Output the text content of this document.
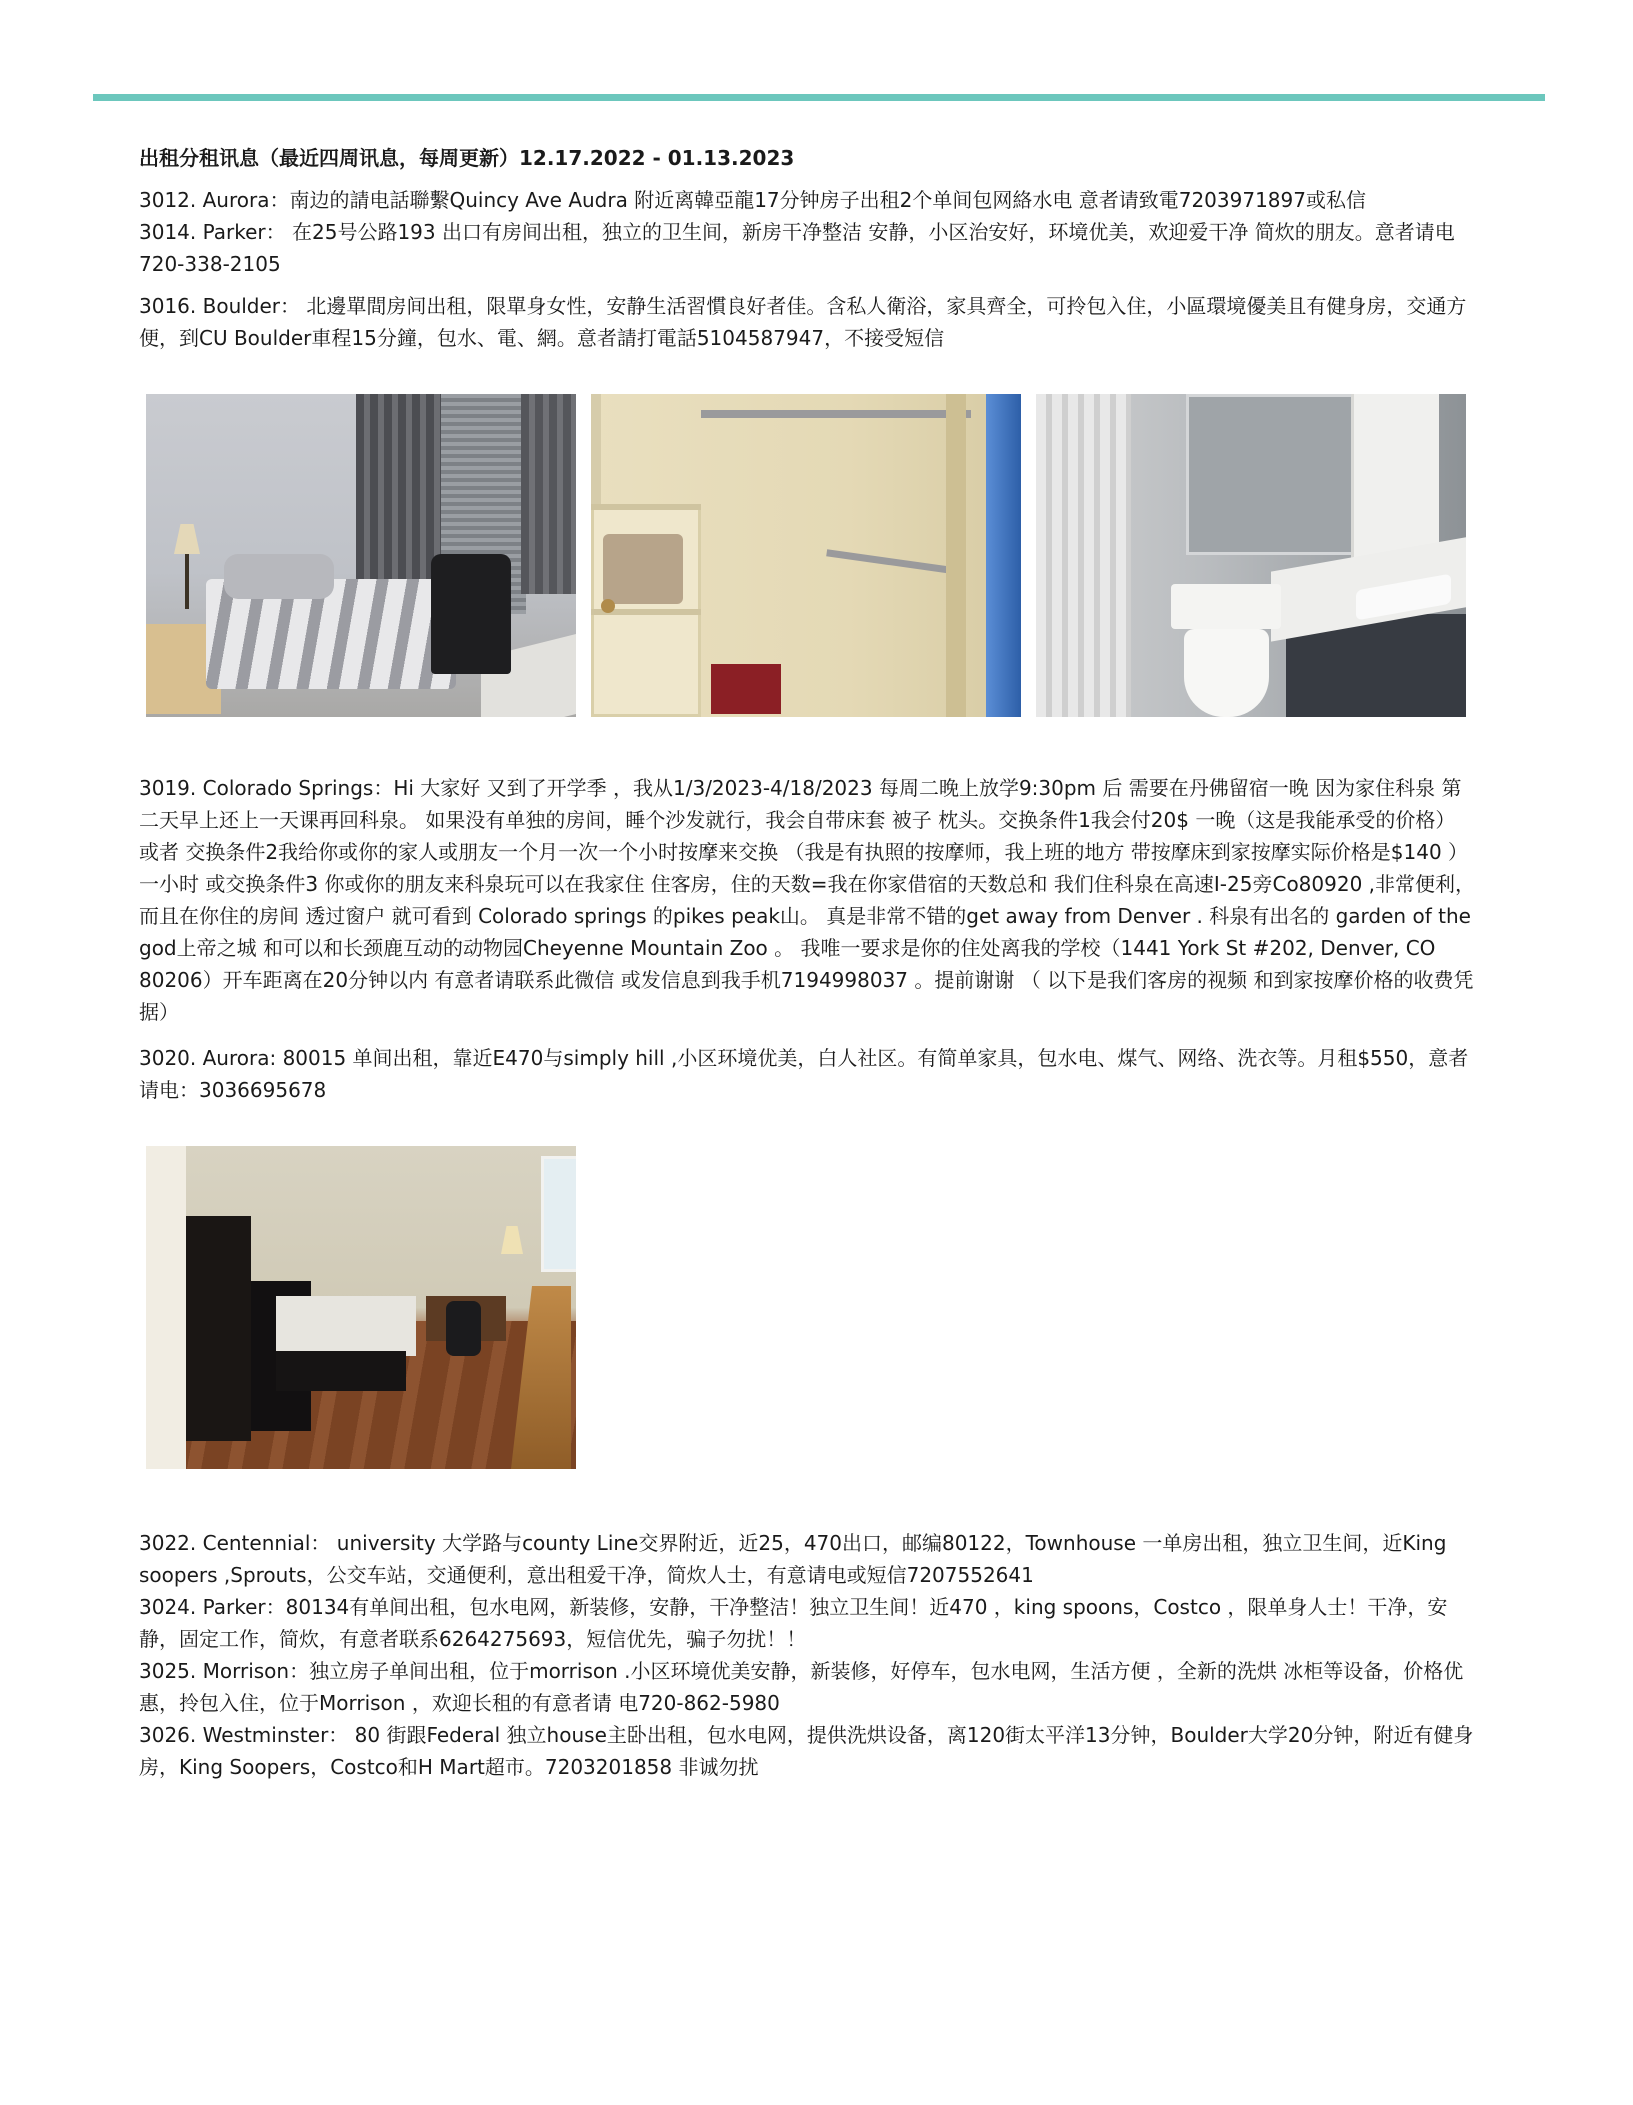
出租分租讯息（最近四周讯息，每周更新）12.17.2022 - 01.13.2023

3012. Aurora：南边的請电話聯繫Quincy Ave Audra 附近离韓亞龍17分钟房子出租2个单间包网絡水电 意者请致電7203971897或私信

3014. Parker： 在25号公路193 出口有房间出租，独立的卫生间，新房干净整洁 安静，小区治安好，环境优美，欢迎爱干净 简炊的朋友。意者请电720-338-2105

3016. Boulder： 北邊單間房间出租，限單身女性，安静生活習慣良好者佳。含私人衛浴，家具齊全，可拎包入住，小區環境優美且有健身房，交通方便，到CU Boulder車程15分鐘，包水、電、網。意者請打電話5104587947，不接受短信

3019. Colorado Springs：Hi 大家好 又到了开学季 ，我从1/3/2023-4/18/2023 每周二晚上放学9:30pm 后 需要在丹佛留宿一晚 因为家住科泉 第二天早上还上一天课再回科泉。 如果没有单独的房间，睡个沙发就行，我会自带床套 被子 枕头。交换条件1我会付20$ 一晚（这是我能承受的价格）或者 交换条件2我给你或你的家人或朋友一个月一次一个小时按摩来交换 （我是有执照的按摩师，我上班的地方 带按摩床到家按摩实际价格是$140 ）一小时 或交换条件3 你或你的朋友来科泉玩可以在我家住 住客房，住的天数=我在你家借宿的天数总和 我们住科泉在高速I-25旁Co80920 ,非常便利，而且在你住的房间 透过窗户 就可看到 Colorado springs 的pikes peak山。 真是非常不错的get away from Denver . 科泉有出名的 garden of the god上帝之城 和可以和长颈鹿互动的动物园Cheyenne Mountain Zoo 。 我唯一要求是你的住处离我的学校（1441 York St #202, Denver, CO 80206）开车距离在20分钟以内 有意者请联系此微信 或发信息到我手机7194998037 。提前谢谢 （ 以下是我们客房的视频 和到家按摩价格的收费凭据）

3020. Aurora: 80015 单间出租，靠近E470与simply hill ,小区环境优美，白人社区。有简单家具，包水电、煤气、网络、洗衣等。月租$550，意者请电：3036695678

3022. Centennial： university 大学路与county Line交界附近，近25，470出口，邮编80122，Townhouse 一单房出租，独立卫生间，近King soopers ,Sprouts，公交车站，交通便利，意出租爱干净，简炊人士，有意请电或短信7207552641

3024. Parker：80134有单间出租，包水电网，新装修，安静，干净整洁！独立卫生间！近470 ，king spoons，Costco ，限单身人士！干净，安静，固定工作，简炊，有意者联系6264275693，短信优先，骗子勿扰！！

3025. Morrison：独立房子单间出租，位于morrison .小区环境优美安静，新装修，好停车，包水电网，生活方便 ，全新的洗烘 冰柜等设备，价格优惠，拎包入住，位于Morrison ，欢迎长租的有意者请 电720-862-5980

3026. Westminster： 80 街跟Federal 独立house主卧出租，包水电网，提供洗烘设备，离120街太平洋13分钟，Boulder大学20分钟，附近有健身房，King Soopers，Costco和H Mart超市。7203201858 非诚勿扰
